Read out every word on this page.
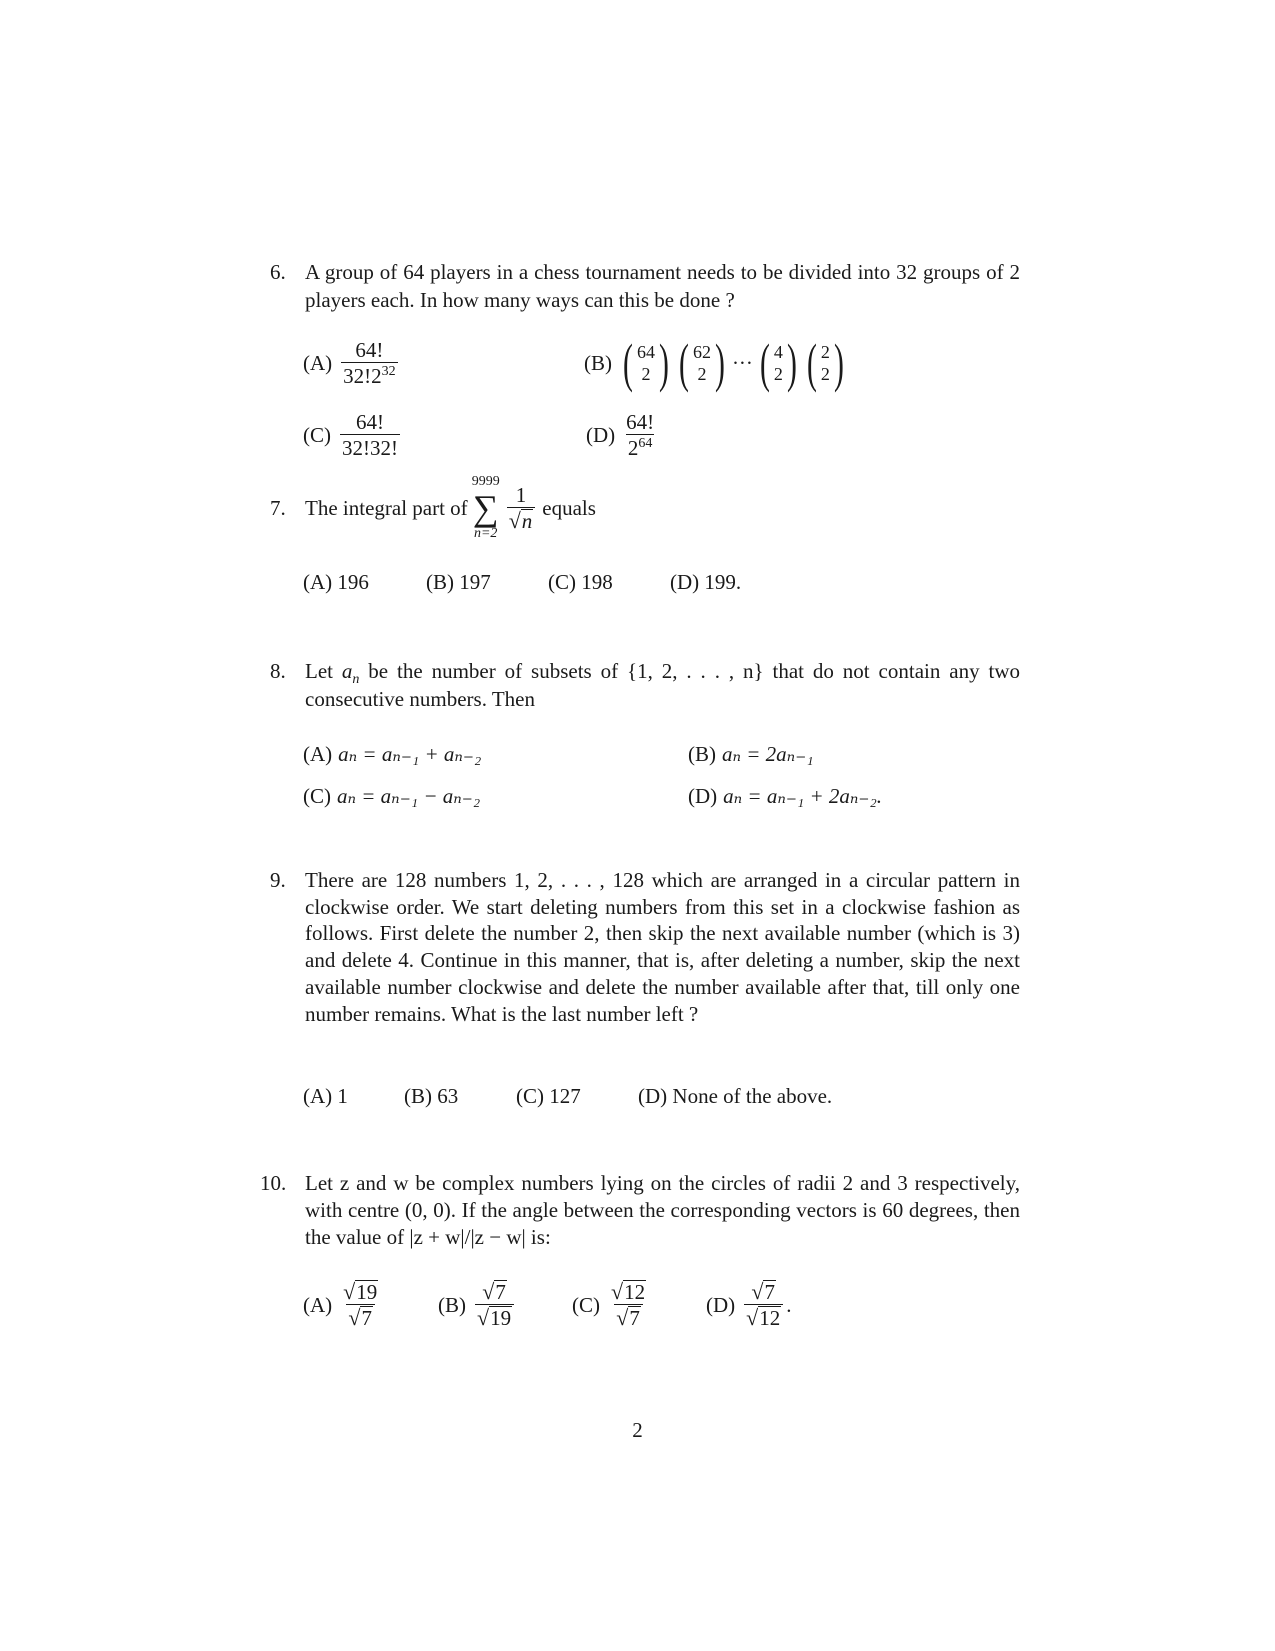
6. A group of 64 players in a chess tournament needs to be divided into 32 groups of 2 players each. In how many ways can this be done ?
$(A) \frac{64!}{32!2^{32}}$	(B) ( 64
2 ) ( 62
2 ) ··· ( 4
2 ) ( 2
2 )
$(C) \frac{64!}{32!32!}$	$(D) \frac{64!}{2^{64}}$
7. The integral part of
9999
∑
$n=2 \frac{1}{√ n}$ equals
(A) 196	(B) 197	(C) 198	(D) 199.
8. Let $a_n$ be the number of subsets of {1, 2, . . . , n} that do not contain any two consecutive numbers. Then
(A) aₙ = aₙ₋₁ + aₙ₋₂	(B) aₙ = 2aₙ₋₁
(C) aₙ = aₙ₋₁ − aₙ₋₂	(D) aₙ = aₙ₋₁ + 2aₙ₋₂.
9. There are 128 numbers 1, 2, . . . , 128 which are arranged in a circular pattern in clockwise order. We start deleting numbers from this set in a clockwise fashion as follows. First delete the number 2, then skip the next available number (which is 3) and delete 4. Continue in this manner, that is, after deleting a number, skip the next available number clockwise and delete the number available after that, till only one number remains. What is the last number left ?
(A) 1	(B) 63	(C) 127	(D) None of the above.
10. Let z and w be complex numbers lying on the circles of radii 2 and 3 respectively, with centre (0, 0). If the angle between the corresponding vectors is 60 degrees, then the value of |z + w|/|z − w| is:
$(A) \frac{√ 19}{√ 7}$	$(B) \frac{√ 7}{√ 19}$	$(C) \frac{√ 12}{√ 7}$	$(D) \frac{√ 7}{√ 12}$ .
2
